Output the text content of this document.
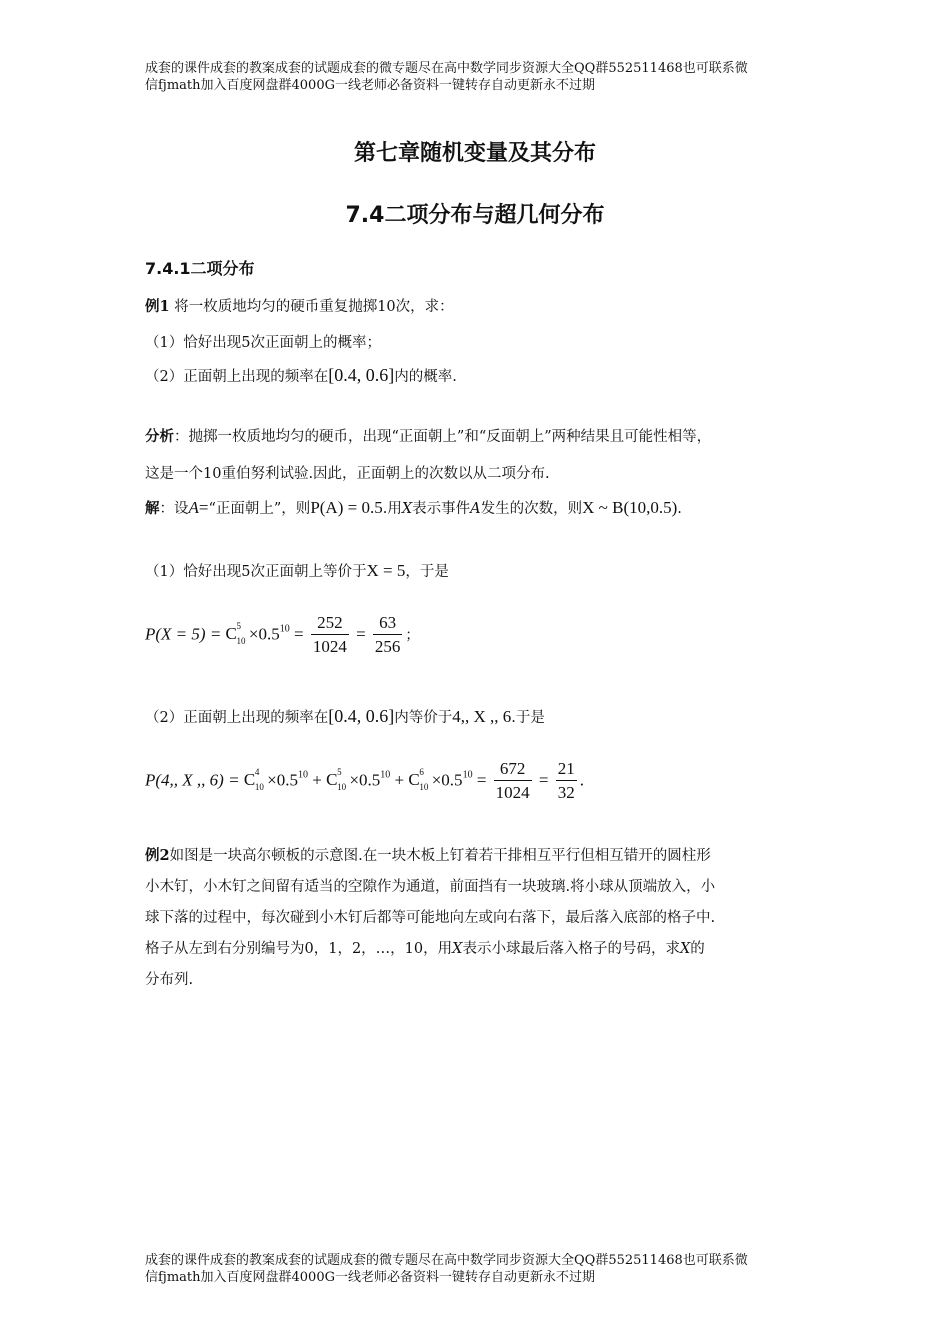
成套的课件成套的教案成套的试题成套的微专题尽在高中数学同步资源大全QQ群552511468也可联系微
信fjmath加入百度网盘群4000G一线老师必备资料一键转存自动更新永不过期
第七章随机变量及其分布
7.4二项分布与超几何分布
7.4.1二项分布
例1 将一枚质地均匀的硬币重复抛掷10次，求：
（1）恰好出现5次正面朝上的概率；
（2）正面朝上出现的频率在[0.4, 0.6]内的概率.
分析：抛掷一枚质地均匀的硬币，出现“正面朝上”和“反面朝上”两种结果且可能性相等，
这是一个10重伯努利试验.因此，正面朝上的次数以从二项分布.
解：设A=“正面朝上”，则P(A) = 0.5.用X表示事件A发生的次数，则X ~ B(10,0.5).
（1）恰好出现5次正面朝上等价于X = 5，于是
P(X = 5) = C 5
$10 \times 0.5^{10} = \frac{252}{1024} = \frac{63}{256}$ ；
（2）正面朝上出现的频率在[0.4, 0.6]内等价于4,, X ,, 6.于是
P(4,, X ,, 6) = C 4
$10 \times 0.5^{10} + C$ 5
$10 \times 0.5^{10} + C$ 6
$10 \times 0.5^{10} = \frac{672}{1024} = \frac{21}{32}$ .
例2如图是一块高尔顿板的示意图.在一块木板上钉着若干排相互平行但相互错开的圆柱形
小木钉，小木钉之间留有适当的空隙作为通道，前面挡有一块玻璃.将小球从顶端放入，小
球下落的过程中，每次碰到小木钉后都等可能地向左或向右落下，最后落入底部的格子中.
格子从左到右分别编号为0，1，2，…，10，用X表示小球最后落入格子的号码，求X的
分布列.
成套的课件成套的教案成套的试题成套的微专题尽在高中数学同步资源大全QQ群552511468也可联系微
信fjmath加入百度网盘群4000G一线老师必备资料一键转存自动更新永不过期
